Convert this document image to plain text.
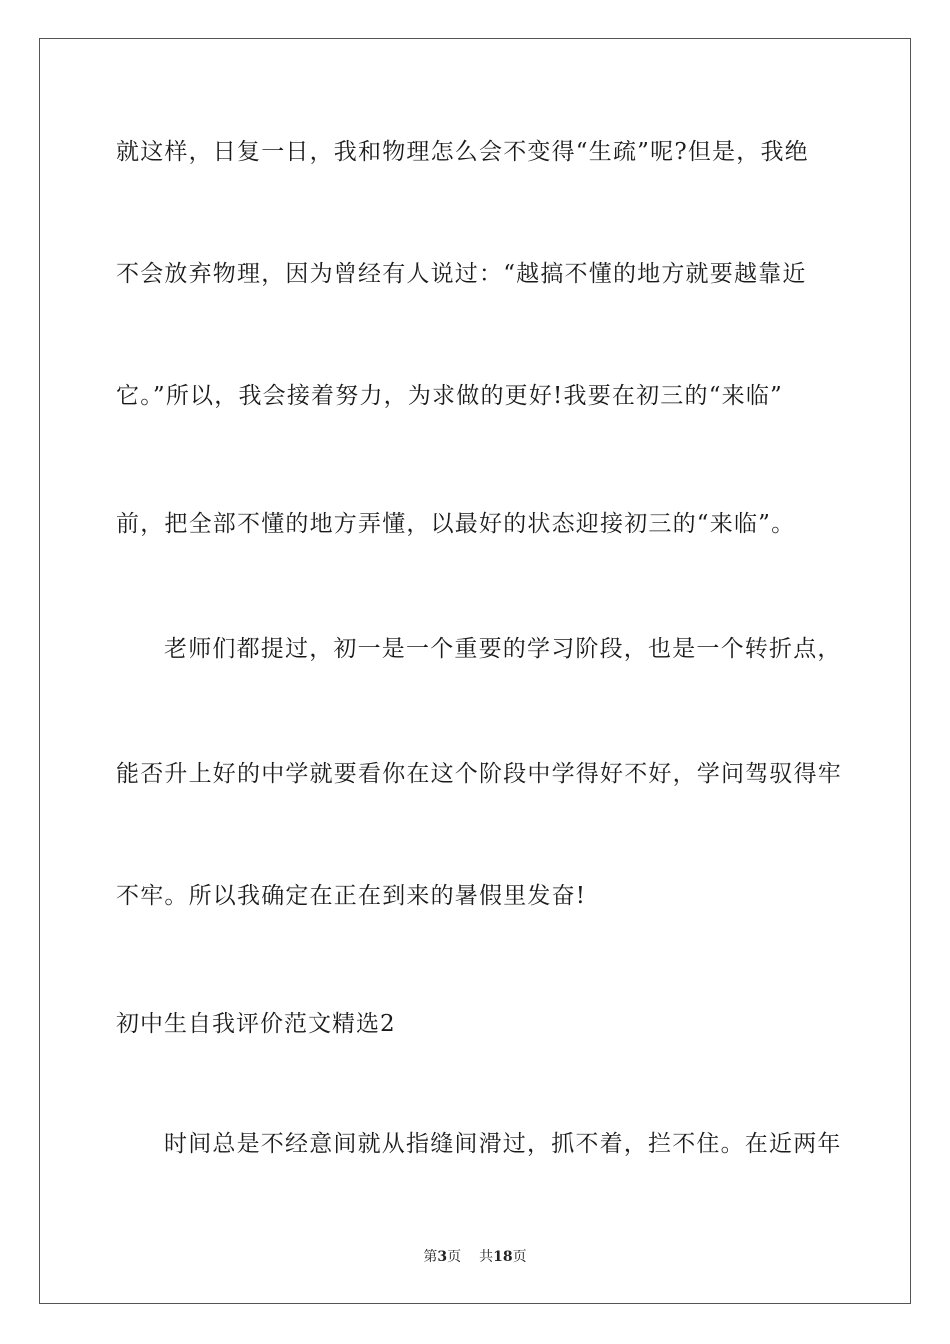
就这样，日复一日，我和物理怎么会不变得“生疏”呢?但是，我绝
不会放弃物理，因为曾经有人说过：“越搞不懂的地方就要越靠近
它。”所以，我会接着努力，为求做的更好!我要在初三的“来临”
前，把全部不懂的地方弄懂，以最好的状态迎接初三的“来临”。
老师们都提过，初一是一个重要的学习阶段，也是一个转折点，
能否升上好的中学就要看你在这个阶段中学得好不好，学问驾驭得牢
不牢。所以我确定在正在到来的暑假里发奋!
初中生自我评价范文精选2
时间总是不经意间就从指缝间滑过，抓不着，拦不住。在近两年
第3页 共18页
